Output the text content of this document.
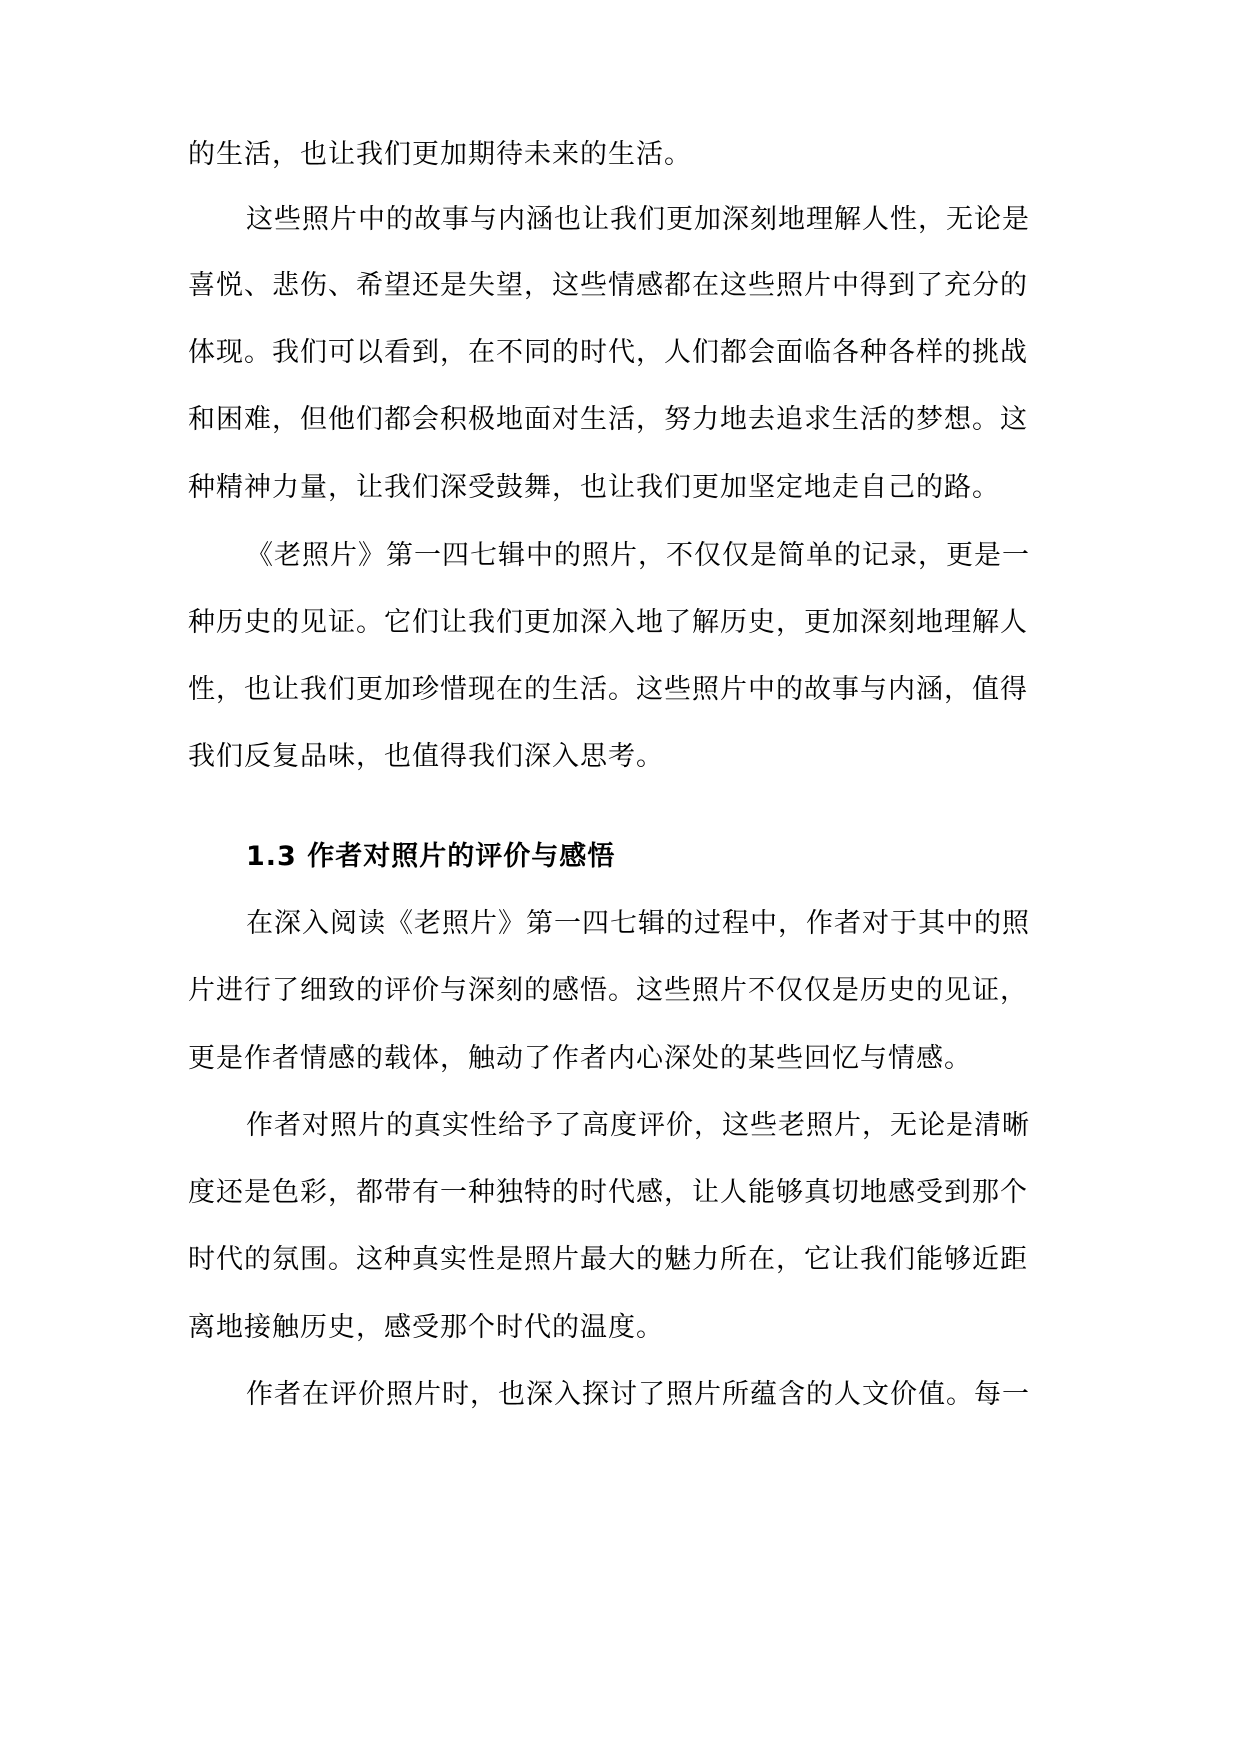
的生活，也让我们更加期待未来的生活。
这些照片中的故事与内涵也让我们更加深刻地理解人性，无论是
喜悦、悲伤、希望还是失望，这些情感都在这些照片中得到了充分的
体现。我们可以看到，在不同的时代，人们都会面临各种各样的挑战
和困难，但他们都会积极地面对生活，努力地去追求生活的梦想。这
种精神力量，让我们深受鼓舞，也让我们更加坚定地走自己的路。
《老照片》第一四七辑中的照片，不仅仅是简单的记录，更是一
种历史的见证。它们让我们更加深入地了解历史，更加深刻地理解人
性，也让我们更加珍惜现在的生活。这些照片中的故事与内涵，值得
我们反复品味，也值得我们深入思考。
1.3 作者对照片的评价与感悟
在深入阅读《老照片》第一四七辑的过程中，作者对于其中的照
片进行了细致的评价与深刻的感悟。这些照片不仅仅是历史的见证，
更是作者情感的载体，触动了作者内心深处的某些回忆与情感。
作者对照片的真实性给予了高度评价，这些老照片，无论是清晰
度还是色彩，都带有一种独特的时代感，让人能够真切地感受到那个
时代的氛围。这种真实性是照片最大的魅力所在，它让我们能够近距
离地接触历史，感受那个时代的温度。
作者在评价照片时，也深入探讨了照片所蕴含的人文价值。每一
